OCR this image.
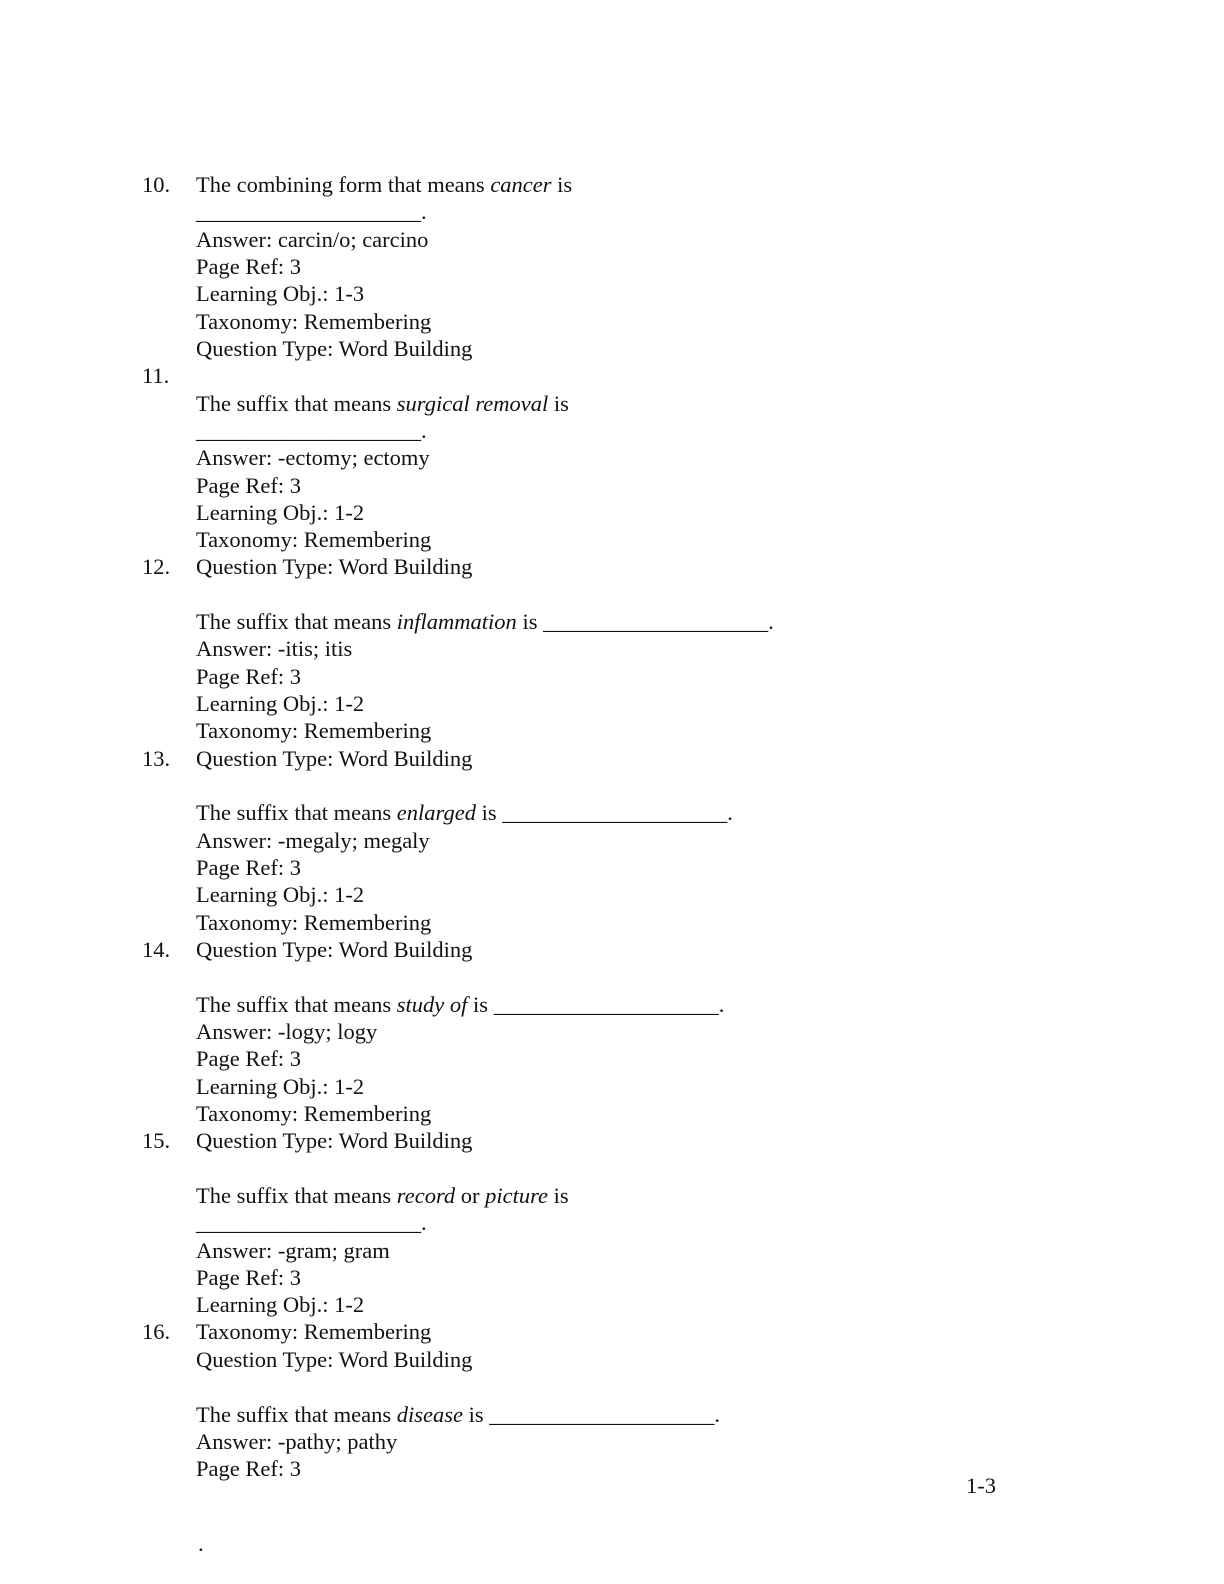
10. The combining form that means cancer is
____________________.
Answer: carcin/o; carcino
Page Ref: 3
Learning Obj.: 1-3
Taxonomy: Remembering
Question Type: Word Building
11.
The suffix that means surgical removal is
____________________.
Answer: -ectomy; ectomy
Page Ref: 3
Learning Obj.: 1-2
Taxonomy: Remembering
12. Question Type: Word Building
The suffix that means inflammation is ____________________.
Answer: -itis; itis
Page Ref: 3
Learning Obj.: 1-2
Taxonomy: Remembering
13. Question Type: Word Building
The suffix that means enlarged is ____________________.
Answer: -megaly; megaly
Page Ref: 3
Learning Obj.: 1-2
Taxonomy: Remembering
14. Question Type: Word Building
The suffix that means study of is ____________________.
Answer: -logy; logy
Page Ref: 3
Learning Obj.: 1-2
Taxonomy: Remembering
15. Question Type: Word Building
The suffix that means record or picture is
____________________.
Answer: -gram; gram
Page Ref: 3
Learning Obj.: 1-2
16. Taxonomy: Remembering
Question Type: Word Building
The suffix that means disease is ____________________.
Answer: -pathy; pathy
Page Ref: 3
1-3
.
